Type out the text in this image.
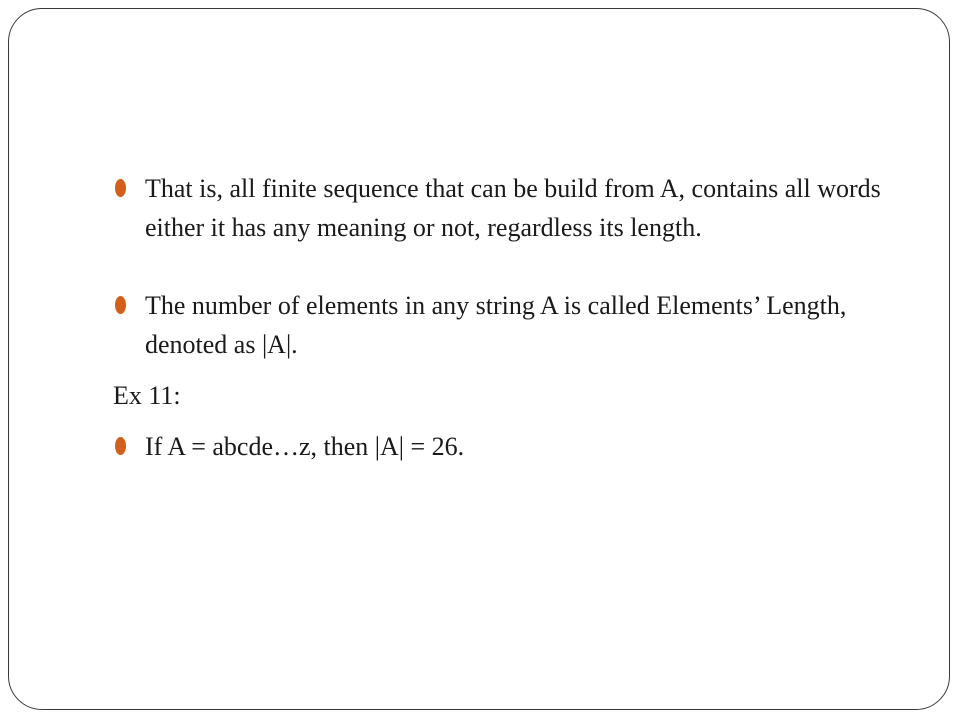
That is, all finite sequence that can be build from A, contains all words either it has any meaning or not, regardless its length.

The number of elements in any string A is called Elements’ Length, denoted as |A|.

Ex 11:

If A = abcde…z, then |A| = 26.
